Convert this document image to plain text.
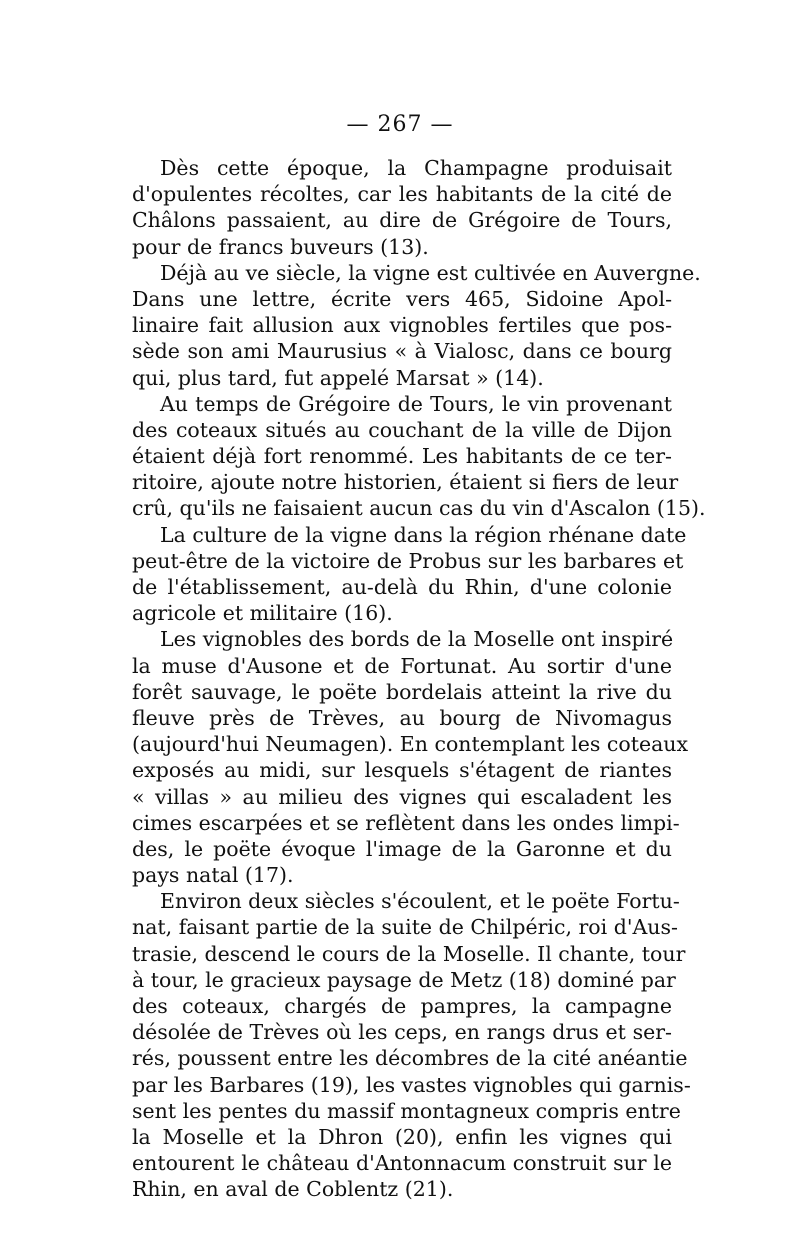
— 267 —
Dès cette époque, la Champagne produisait
d'opulentes récoltes, car les habitants de la cité de
Châlons passaient, au dire de Grégoire de Tours,
pour de francs buveurs (13).
Déjà au ve siècle, la vigne est cultivée en Auvergne.
Dans une lettre, écrite vers 465, Sidoine Apol-
linaire fait allusion aux vignobles fertiles que pos-
sède son ami Maurusius « à Vialosc, dans ce bourg
qui, plus tard, fut appelé Marsat » (14).
Au temps de Grégoire de Tours, le vin provenant
des coteaux situés au couchant de la ville de Dijon
étaient déjà fort renommé. Les habitants de ce ter-
ritoire, ajoute notre historien, étaient si fiers de leur
crû, qu'ils ne faisaient aucun cas du vin d'Ascalon (15).
La culture de la vigne dans la région rhénane date
peut-être de la victoire de Probus sur les barbares et
de l'établissement, au-delà du Rhin, d'une colonie
agricole et militaire (16).
Les vignobles des bords de la Moselle ont inspiré
la muse d'Ausone et de Fortunat. Au sortir d'une
forêt sauvage, le poëte bordelais atteint la rive du
fleuve près de Trèves, au bourg de Nivomagus
(aujourd'hui Neumagen). En contemplant les coteaux
exposés au midi, sur lesquels s'étagent de riantes
« villas » au milieu des vignes qui escaladent les
cimes escarpées et se reflètent dans les ondes limpi-
des, le poëte évoque l'image de la Garonne et du
pays natal (17).
Environ deux siècles s'écoulent, et le poëte Fortu-
nat, faisant partie de la suite de Chilpéric, roi d'Aus-
trasie, descend le cours de la Moselle. Il chante, tour
à tour, le gracieux paysage de Metz (18) dominé par
des coteaux, chargés de pampres, la campagne
désolée de Trèves où les ceps, en rangs drus et ser-
rés, poussent entre les décombres de la cité anéantie
par les Barbares (19), les vastes vignobles qui garnis-
sent les pentes du massif montagneux compris entre
la Moselle et la Dhron (20), enfin les vignes qui
entourent le château d'Antonnacum construit sur le
Rhin, en aval de Coblentz (21).
